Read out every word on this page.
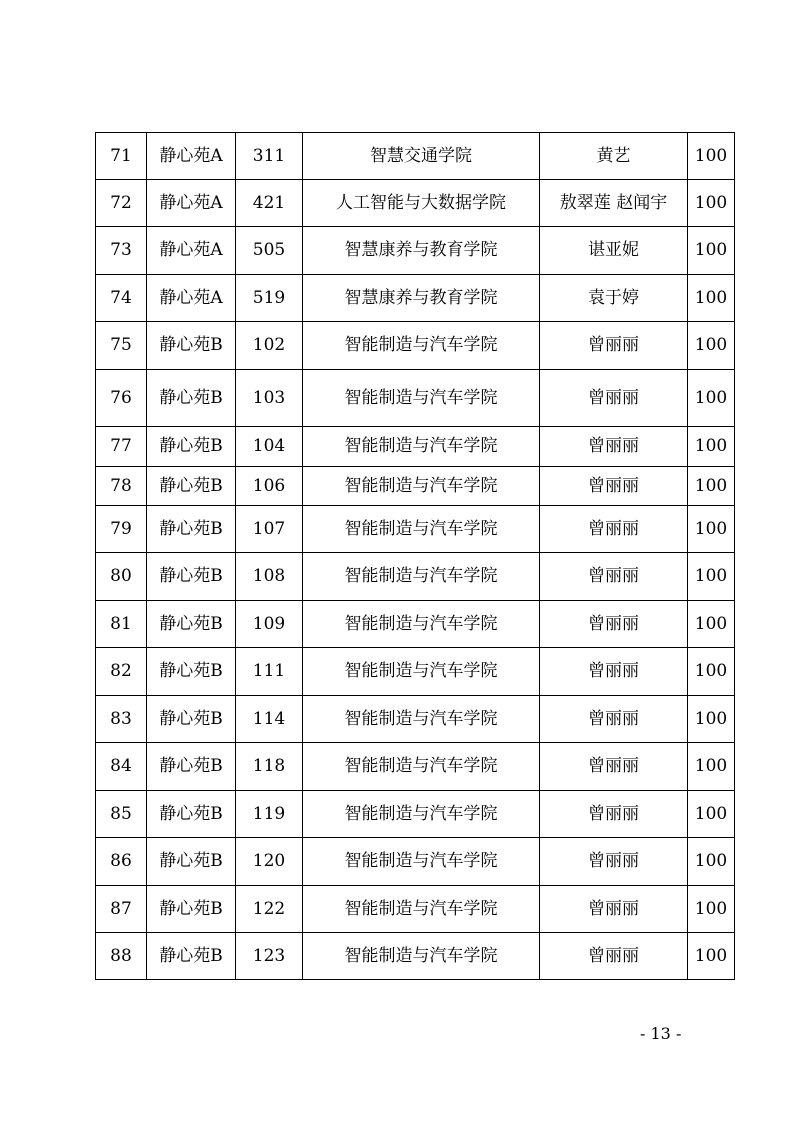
71	静心苑A	311	智慧交通学院	黄艺	100
72	静心苑A	421	人工智能与大数据学院	敖翠莲 赵闻宇	100
73	静心苑A	505	智慧康养与教育学院	谌亚妮	100
74	静心苑A	519	智慧康养与教育学院	袁于婷	100
75	静心苑B	102	智能制造与汽车学院	曾丽丽	100
76	静心苑B	103	智能制造与汽车学院	曾丽丽	100
77	静心苑B	104	智能制造与汽车学院	曾丽丽	100
78	静心苑B	106	智能制造与汽车学院	曾丽丽	100
79	静心苑B	107	智能制造与汽车学院	曾丽丽	100
80	静心苑B	108	智能制造与汽车学院	曾丽丽	100
81	静心苑B	109	智能制造与汽车学院	曾丽丽	100
82	静心苑B	111	智能制造与汽车学院	曾丽丽	100
83	静心苑B	114	智能制造与汽车学院	曾丽丽	100
84	静心苑B	118	智能制造与汽车学院	曾丽丽	100
85	静心苑B	119	智能制造与汽车学院	曾丽丽	100
86	静心苑B	120	智能制造与汽车学院	曾丽丽	100
87	静心苑B	122	智能制造与汽车学院	曾丽丽	100
88	静心苑B	123	智能制造与汽车学院	曾丽丽	100
- 13 -
